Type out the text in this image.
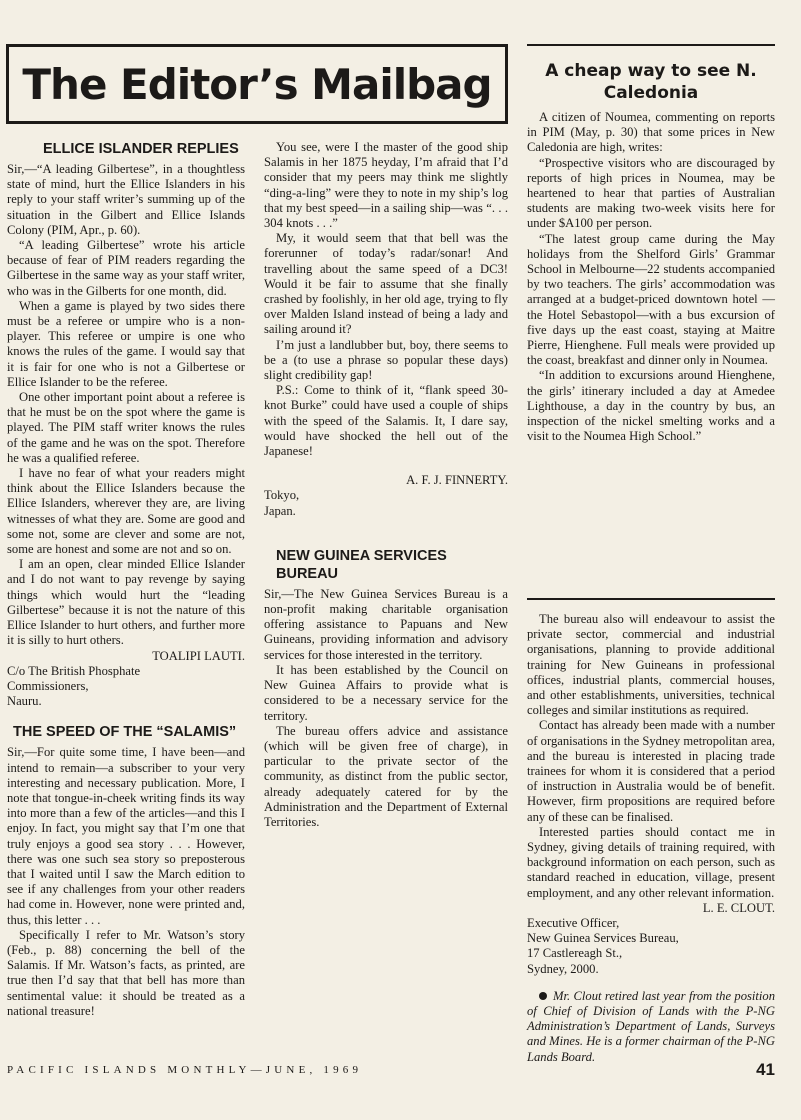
The Editor’s Mailbag
ELLICE ISLANDER REPLIES

Sir,—“A leading Gilbertese”, in a thoughtless state of mind, hurt the Ellice Islanders in his reply to your staff writer’s summing up of the situation in the Gilbert and Ellice Islands Colony (PIM, Apr., p. 60).

“A leading Gilbertese” wrote his article because of fear of PIM readers regarding the Gilbertese in the same way as your staff writer, who was in the Gilberts for one month, did.

When a game is played by two sides there must be a referee or umpire who is a non-player. This referee or umpire is one who knows the rules of the game. I would say that it is fair for one who is not a Gilbertese or Ellice Islander to be the referee.

One other important point about a referee is that he must be on the spot where the game is played. The PIM staff writer knows the rules of the game and he was on the spot. Therefore he was a qualified referee.

I have no fear of what your readers might think about the Ellice Islanders because the Ellice Islanders, wherever they are, are living witnesses of what they are. Some are good and some not, some are clever and some are not, some are honest and some are not and so on.

I am an open, clear minded Ellice Islander and I do not want to pay revenge by saying things which would hurt the “leading Gilbertese” because it is not the nature of this Ellice Islander to hurt others, and further more it is silly to hurt others.

TOALIPI LAUTI.

C/o The British Phosphate

Commissioners,

Nauru.

THE SPEED OF THE “SALAMIS”

Sir,—For quite some time, I have been—and intend to remain—a subscriber to your very interesting and necessary publication. More, I note that tongue-in-cheek writing finds its way into more than a few of the articles—and this I enjoy. In fact, you might say that I’m one that truly enjoys a good sea story . . . However, there was one such sea story so preposterous that I waited until I saw the March edition to see if any challenges from your other readers had come in. However, none were printed and, thus, this letter . . .

Specifically I refer to Mr. Watson’s story (Feb., p. 88) concerning the bell of the Salamis. If Mr. Watson’s facts, as printed, are true then I’d say that that bell has more than sentimental value: it should be treated as a national treasure!

You see, were I the master of the good ship Salamis in her 1875 heyday, I’m afraid that I’d consider that my peers may think me slightly “ding-a-ling” were they to note in my ship’s log that my best speed—in a sailing ship—was “. . . 304 knots . . .”

My, it would seem that that bell was the forerunner of today’s radar/sonar! And travelling about the same speed of a DC3! Would it be fair to assume that she finally crashed by foolishly, in her old age, trying to fly over Malden Island instead of being a lady and sailing around it?

I’m just a landlubber but, boy, there seems to be a (to use a phrase so popular these days) slight credibility gap!

P.S.: Come to think of it, “flank speed 30-knot Burke” could have used a couple of ships with the speed of the Salamis. It, I dare say, would have shocked the hell out of the Japanese!

A. F. J. FINNERTY.

Tokyo,

Japan.

NEW GUINEA SERVICES BUREAU

Sir,—The New Guinea Services Bureau is a non-profit making charitable organisation offering assistance to Papuans and New Guineans, providing information and advisory services for those interested in the territory.

It has been established by the Council on New Guinea Affairs to provide what is considered to be a necessary service for the territory.

The bureau offers advice and assistance (which will be given free of charge), in particular to the private sector of the community, as distinct from the public sector, already adequately catered for by the Administration and the Department of External Territories.

A cheap way to see N. Caledonia

A citizen of Noumea, commenting on reports in PIM (May, p. 30) that some prices in New Caledonia are high, writes:

“Prospective visitors who are discouraged by reports of high prices in Noumea, may be heartened to hear that parties of Australian students are making two-week visits here for under $A100 per person.

“The latest group came during the May holidays from the Shelford Girls’ Grammar School in Melbourne—22 students accompanied by two teachers. The girls’ accommodation was arranged at a budget-priced downtown hotel — the Hotel Sebastopol—with a bus excursion of five days up the east coast, staying at Maitre Pierre, Hienghene. Full meals were provided up the coast, breakfast and dinner only in Noumea.

“In addition to excursions around Hienghene, the girls’ itinerary included a day at Amedee Lighthouse, a day in the country by bus, an inspection of the nickel smelting works and a visit to the Noumea High School.”

The bureau also will endeavour to assist the private sector, commercial and industrial organisations, planning to provide additional training for New Guineans in professional offices, industrial plants, commercial houses, and other establishments, universities, technical colleges and similar institutions as required.

Contact has already been made with a number of organisations in the Sydney metropolitan area, and the bureau is interested in placing trade trainees for whom it is considered that a period of instruction in Australia would be of benefit. However, firm propositions are required before any of these can be finalised.

Interested parties should contact me in Sydney, giving details of training required, with background information on each person, such as standard reached in education, village, present employment, and any other relevant information.

L. E. CLOUT.

Executive Officer,

New Guinea Services Bureau,

17 Castlereagh St.,

Sydney, 2000.

Mr. Clout retired last year from the position of Chief of Division of Lands with the P-NG Administration’s Department of Lands, Surveys and Mines. He is a former chairman of the P-NG Lands Board.

PACIFIC ISLANDS MONTHLY—JUNE, 1969	41
